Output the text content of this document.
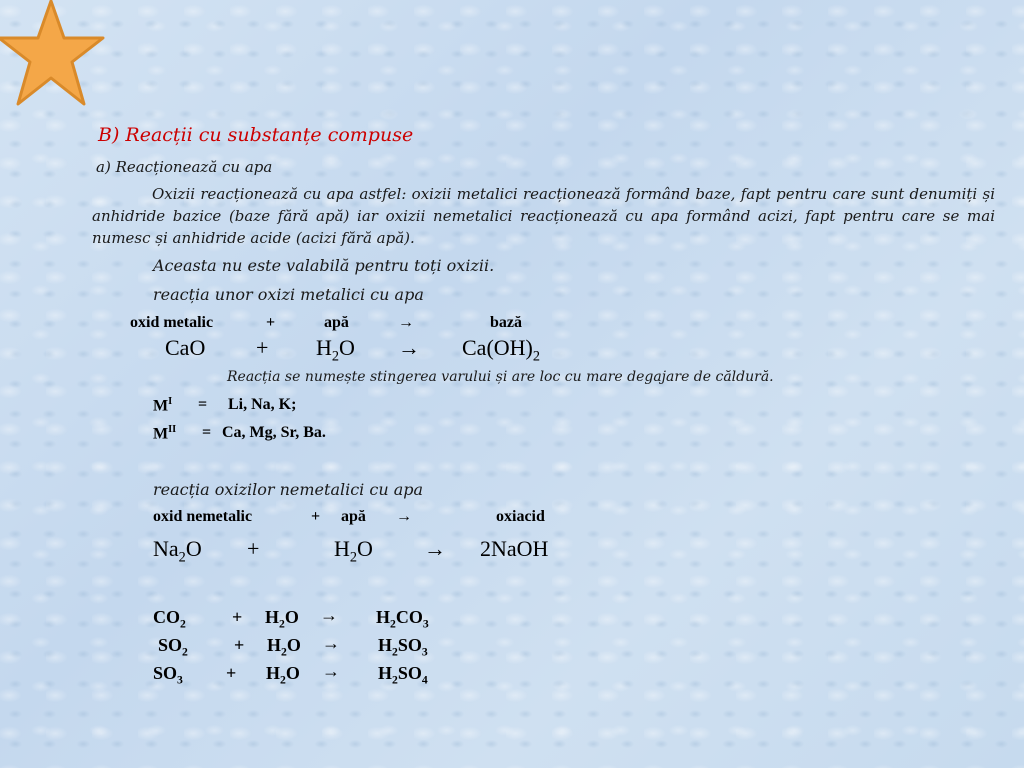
B) Reacții cu substanțe compuse
a) Reacționează cu apa
Oxizii reacționează cu apa astfel: oxizii metalici reacționează formând baze, fapt pentru care sunt denumiți și anhidride bazice (baze fără apă) iar oxizii nemetalici reacționează cu apa formând acizi, fapt pentru care se mai numesc și anhidride acide (acizi fără apă).
Aceasta nu este valabilă pentru toți oxizii.
reacția unor oxizi metalici cu apa
oxid metalic	+	apă	→	bază
CaO + $H_2O \to Ca(OH)_2$
Reacția se numește stingerea varului și are loc cu mare degajare de căldură.
$M^I = Li$, Na, K;
$M^{II} = Ca$, Mg, Sr, Ba.
reacția oxizilor nemetalici cu apa
oxid nemetalic	+ apă →	oxiacid
$Na_2O$ +	$H_2O$ → 2NaOH
$CO_2$	+ $H_2O \to H_2CO_3$
$SO_2$	+ $H_2O \to H_2SO_3$
$SO_3 + H_2O \to H_2SO_4$
